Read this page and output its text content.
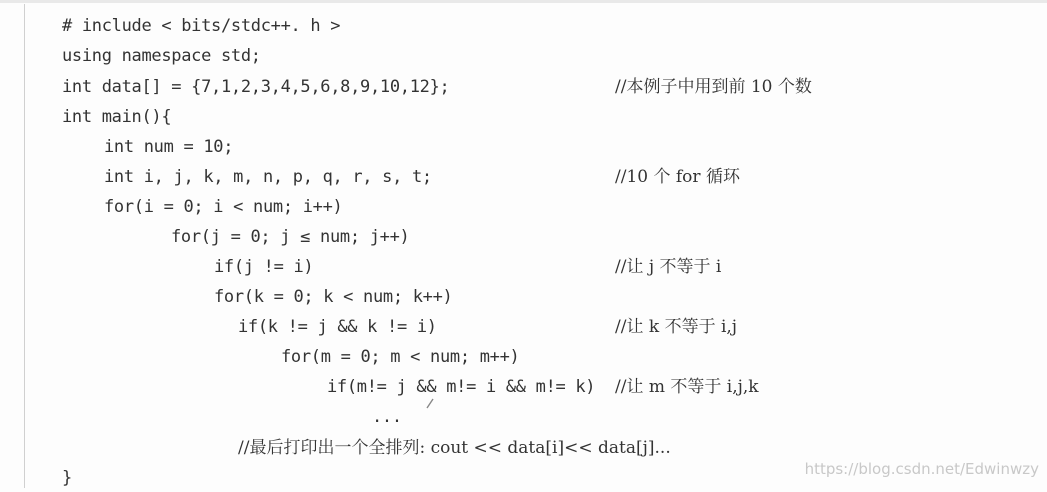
# include < bits/stdc++. h >
using namespace std;
int data[] = {7,1,2,3,4,5,6,8,9,10,12};
int main(){
int num = 10;
int i, j, k, m, n, p, q, r, s, t;
for(i = 0; i < num; i++)
for(j = 0; j ≤ num; j++)
if(j != i)
for(k = 0; k < num; k++)
if(k != j && k != i)
for(m = 0; m < num; m++)
if(m!= j && m!= i && m!= k)
...
//最后打印出一个全排列: cout << data[i]<< data[j]...
}
//本例子中用到前 10 个数
//10 个 for 循环
//让 j 不等于 i
//让 k 不等于 i,j
//让 m 不等于 i,j,k
https://blog.csdn.net/Edwinwzy
